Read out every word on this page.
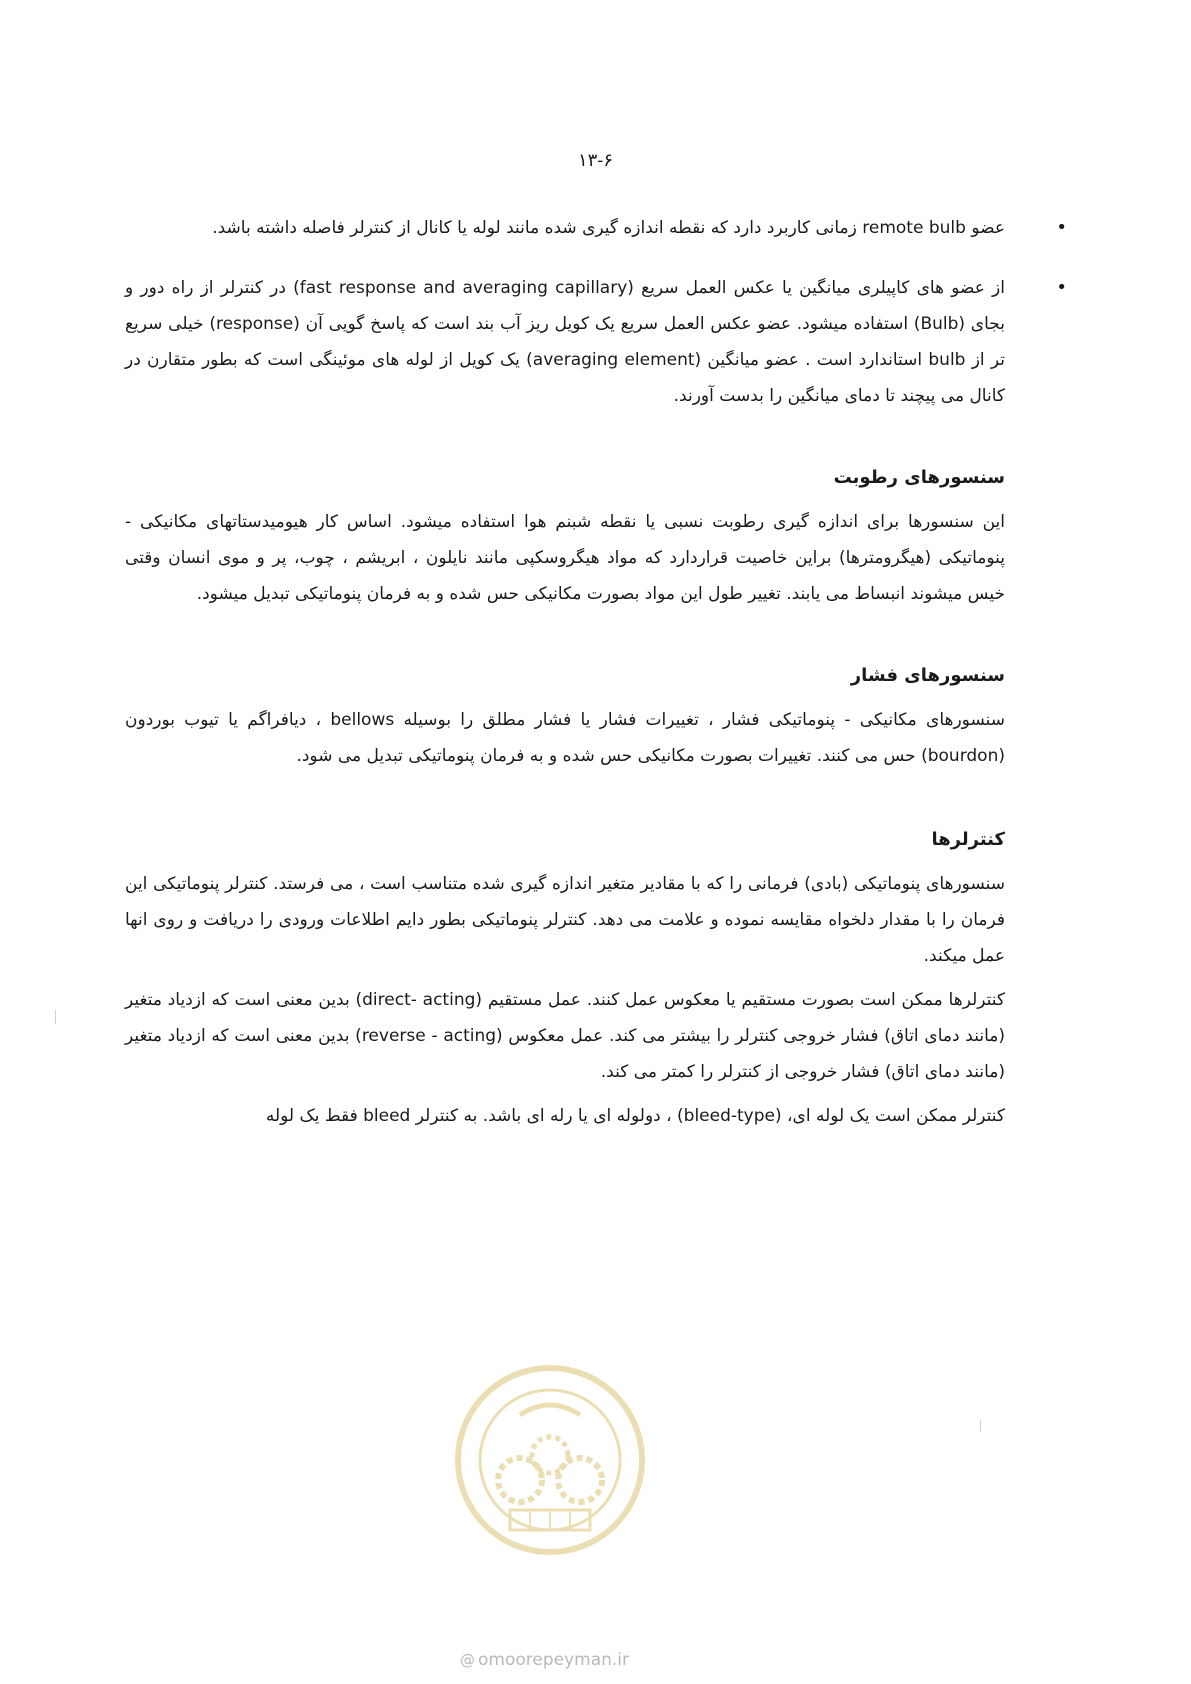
۱۳-۶

•
عضو remote bulb زمانی کاربرد دارد که نقطه اندازه گیری شده مانند لوله یا کانال از کنترلر فاصله داشته باشد.

•
از عضو های کاپیلری میانگین یا عکس العمل سریع (fast response and averaging capillary) در کنترلر از راه دور و بجای (Bulb) استفاده میشود. عضو عکس العمل سریع یک کویل ریز آب بند است که پاسخ گویی آن (response) خیلی سریع تر از bulb استاندارد است . عضو میانگین (averaging element) یک کویل از لوله های موئینگی است که بطور متقارن در کانال می پیچند تا دمای میانگین را بدست آورند.

سنسورهای رطوبت

این سنسورها برای اندازه گیری رطوبت نسبی یا نقطه شبنم هوا استفاده میشود. اساس کار هیومیدستاتهای مکانیکی - پنوماتیکی (هیگرومترها) براین خاصیت قراردارد که مواد هیگروسکپی مانند نایلون ، ابریشم ، چوب، پر و موی انسان وقتی خیس میشوند انبساط می یابند. تغییر طول این مواد بصورت مکانیکی حس شده و به فرمان پنوماتیکی تبدیل میشود.

سنسورهای فشار

سنسورهای مکانیکی - پنوماتیکی فشار ، تغییرات فشار یا فشار مطلق را بوسیله bellows ، دیافراگم یا تیوب بوردون (bourdon) حس می کنند. تغییرات بصورت مکانیکی حس شده و به فرمان پنوماتیکی تبدیل می شود.

کنترلرها

سنسورهای پنوماتیکی (بادی) فرمانی را که با مقادیر متغیر اندازه گیری شده متناسب است ، می فرستد. کنترلر پنوماتیکی این فرمان را با مقدار دلخواه مقایسه نموده و علامت می دهد. کنترلر پنوماتیکی بطور دایم اطلاعات ورودی را دریافت و روی انها عمل میکند.

کنترلرها ممکن است بصورت مستقیم یا معکوس عمل کنند. عمل مستقیم (direct- acting) بدین معنی است که ازدیاد متغیر (مانند دمای اتاق) فشار خروجی کنترلر را بیشتر می کند. عمل معکوس (reverse - acting) بدین معنی است که ازدیاد متغیر (مانند دمای اتاق) فشار خروجی از کنترلر را کمتر می کند.

کنترلر ممکن است یک لوله ای، (bleed-type) ، دولوله ای یا رله ای باشد. به کنترلر bleed فقط یک لوله

@ omoorepeyman.ir
